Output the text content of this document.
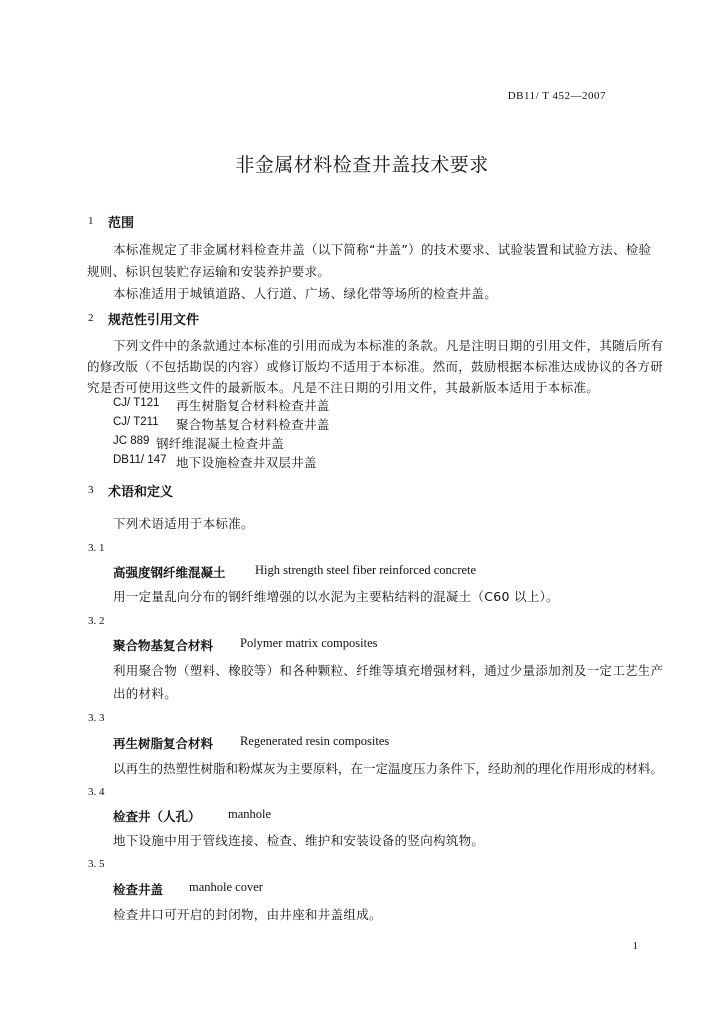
DB11/ T 452—2007
非金属材料检查井盖技术要求
1 范围
本标准规定了非金属材料检查井盖（以下简称“井盖”）的技术要求、试验装置和试验方法、检验
规则、标识包装贮存运输和安装养护要求。
本标准适用于城镇道路、人行道、广场、绿化带等场所的检查井盖。
2 规范性引用文件
下列文件中的条款通过本标准的引用而成为本标准的条款。凡是注明日期的引用文件，其随后所有
的修改版（不包括勘误的内容）或修订版均不适用于本标准。然而，鼓励根据本标准达成协议的各方研
究是否可使用这些文件的最新版本。凡是不注日期的引用文件，其最新版本适用于本标准。
CJ/ T121 再生树脂复合材料检查井盖
CJ/ T211 聚合物基复合材料检查井盖
JC 889 钢纤维混凝土检查井盖
DB11/ 147 地下设施检查井双层井盖
3 术语和定义
下列术语适用于本标准。
3. 1
高强度钢纤维混凝土 High strength steel fiber reinforced concrete
用一定量乱向分布的钢纤维增强的以水泥为主要粘结料的混凝土（C60 以上）。
3. 2
聚合物基复合材料 Polymer matrix composites
利用聚合物（塑料、橡胶等）和各种颗粒、纤维等填充增强材料，通过少量添加剂及一定工艺生产
出的材料。
3. 3
再生树脂复合材料 Regenerated resin composites
以再生的热塑性树脂和粉煤灰为主要原料，在一定温度压力条件下，经助剂的理化作用形成的材料。
3. 4
检查井（人孔） manhole
地下设施中用于管线连接、检查、维护和安装设备的竖向构筑物。
3. 5
检查井盖 manhole cover
检查井口可开启的封闭物，由井座和井盖组成。
1
